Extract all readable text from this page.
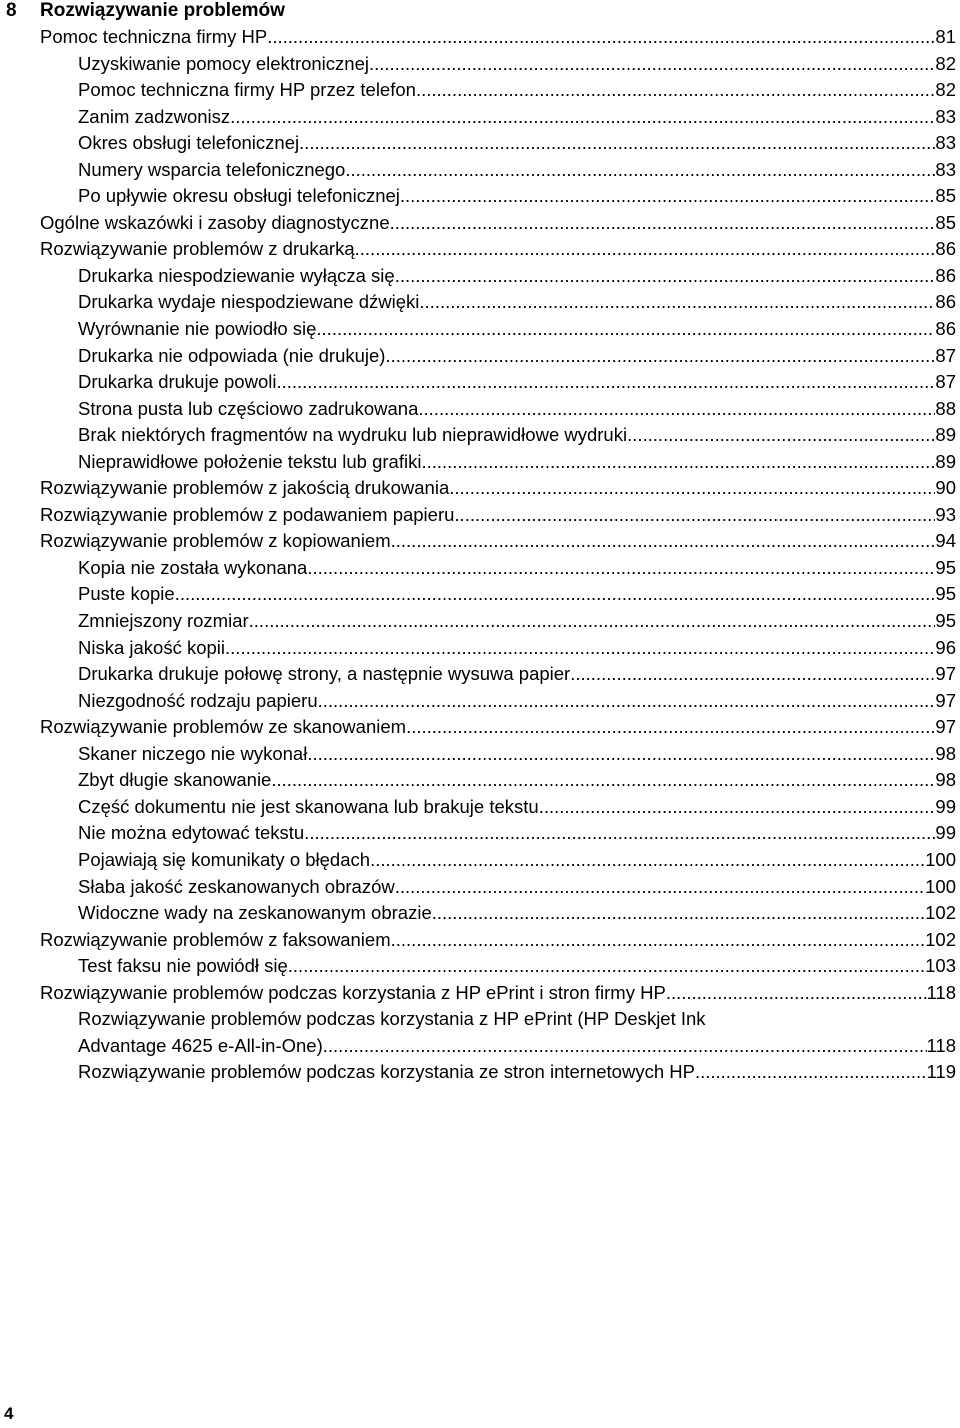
8 Rozwiązywanie problemów
Pomoc techniczna firmy HP .....	81
Uzyskiwanie pomocy elektronicznej .....	82
Pomoc techniczna firmy HP przez telefon .....	82
Zanim zadzwonisz .....	83
Okres obsługi telefonicznej .....	83
Numery wsparcia telefonicznego .....	83
Po upływie okresu obsługi telefonicznej .....	85
Ogólne wskazówki i zasoby diagnostyczne .....	85
Rozwiązywanie problemów z drukarką .....	86
Drukarka niespodziewanie wyłącza się .....	86
Drukarka wydaje niespodziewane dźwięki .....	86
Wyrównanie nie powiodło się .....	86
Drukarka nie odpowiada (nie drukuje) .....	87
Drukarka drukuje powoli .....	87
Strona pusta lub częściowo zadrukowana .....	88
Brak niektórych fragmentów na wydruku lub nieprawidłowe wydruki .....	89
Nieprawidłowe położenie tekstu lub grafiki .....	89
Rozwiązywanie problemów z jakością drukowania .....	90
Rozwiązywanie problemów z podawaniem papieru .....	93
Rozwiązywanie problemów z kopiowaniem .....	94
Kopia nie została wykonana .....	95
Puste kopie .....	95
Zmniejszony rozmiar .....	95
Niska jakość kopii .....	96
Drukarka drukuje połowę strony, a następnie wysuwa papier .....	97
Niezgodność rodzaju papieru .....	97
Rozwiązywanie problemów ze skanowaniem .....	97
Skaner niczego nie wykonał .....	98
Zbyt długie skanowanie .....	98
Część dokumentu nie jest skanowana lub brakuje tekstu .....	99
Nie można edytować tekstu .....	99
Pojawiają się komunikaty o błędach .....	100
Słaba jakość zeskanowanych obrazów .....	100
Widoczne wady na zeskanowanym obrazie .....	102
Rozwiązywanie problemów z faksowaniem .....	102
Test faksu nie powiódł się .....	103
Rozwiązywanie problemów podczas korzystania z HP ePrint i stron firmy HP .....	118
Rozwiązywanie problemów podczas korzystania z HP ePrint (HP Deskjet Ink
Advantage 4625 e-All-in-One) .....	118
Rozwiązywanie problemów podczas korzystania ze stron internetowych HP .....	119
4
